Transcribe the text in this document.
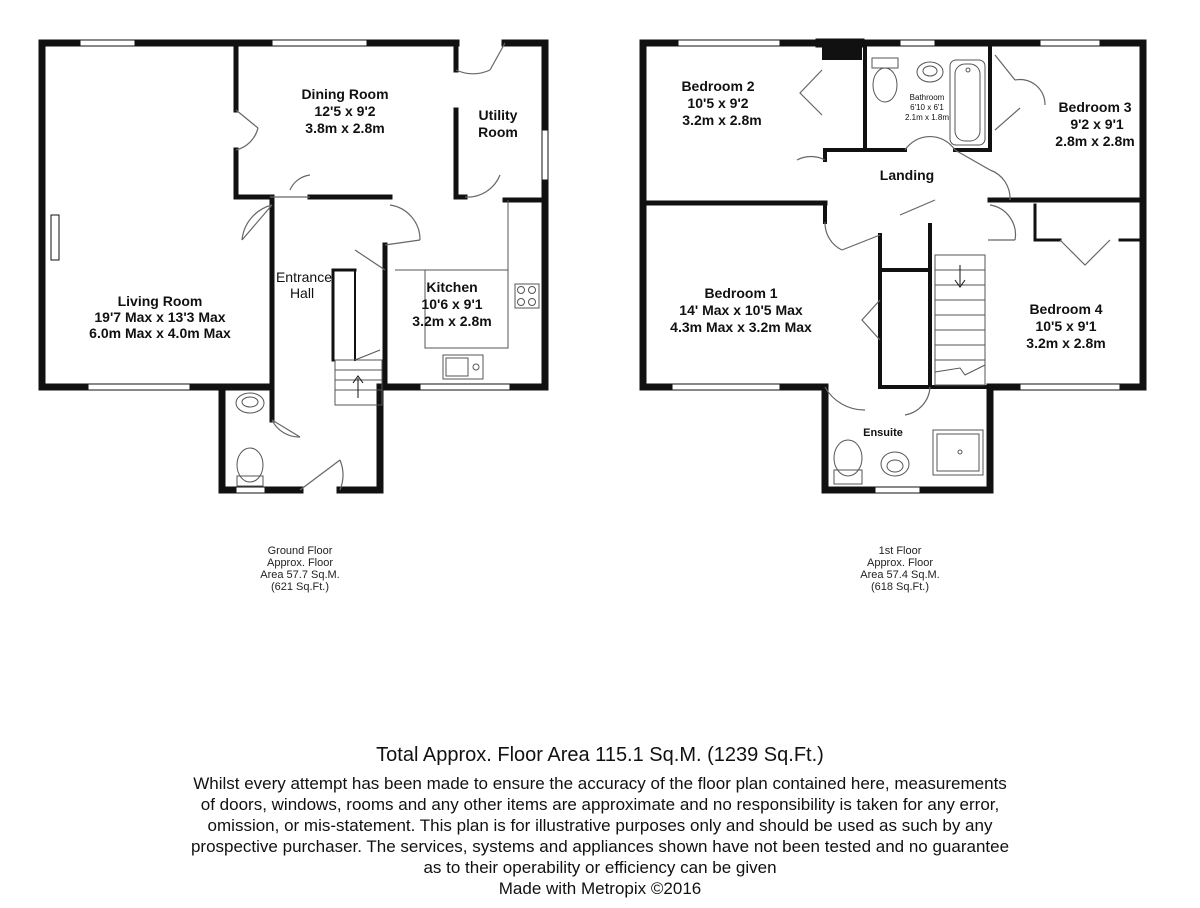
Living Room
19'7 Max x 13'3 Max
6.0m Max x 4.0m Max
Dining Room
12'5 x 9'2
3.8m x 2.8m
Utility
Room
Kitchen
10'6 x 9'1
3.2m x 2.8m
Entrance
Hall
Bedroom 2
10'5 x 9'2
3.2m x 2.8m
Bathroom
6'10 x 6'1
2.1m x 1.8m
Bedroom 3
9'2 x 9'1
2.8m x 2.8m
Landing
Bedroom 1
14' Max x 10'5 Max
4.3m Max x 3.2m Max
Bedroom 4
10'5 x 9'1
3.2m x 2.8m
Ensuite
Ground Floor
Approx. Floor
Area 57.7 Sq.M.
(621 Sq.Ft.)
1st Floor
Approx. Floor
Area 57.4 Sq.M.
(618 Sq.Ft.)
Total Approx. Floor Area 115.1 Sq.M. (1239 Sq.Ft.)
Whilst every attempt has been made to ensure the accuracy of the floor plan contained here, measurements
of doors, windows, rooms and any other items are approximate and no responsibility is taken for any error,
omission, or mis-statement. This plan is for illustrative purposes only and should be used as such by any
prospective purchaser. The services, systems and appliances shown have not been tested and no guarantee
as to their operability or efficiency can be given
Made with Metropix ©2016
